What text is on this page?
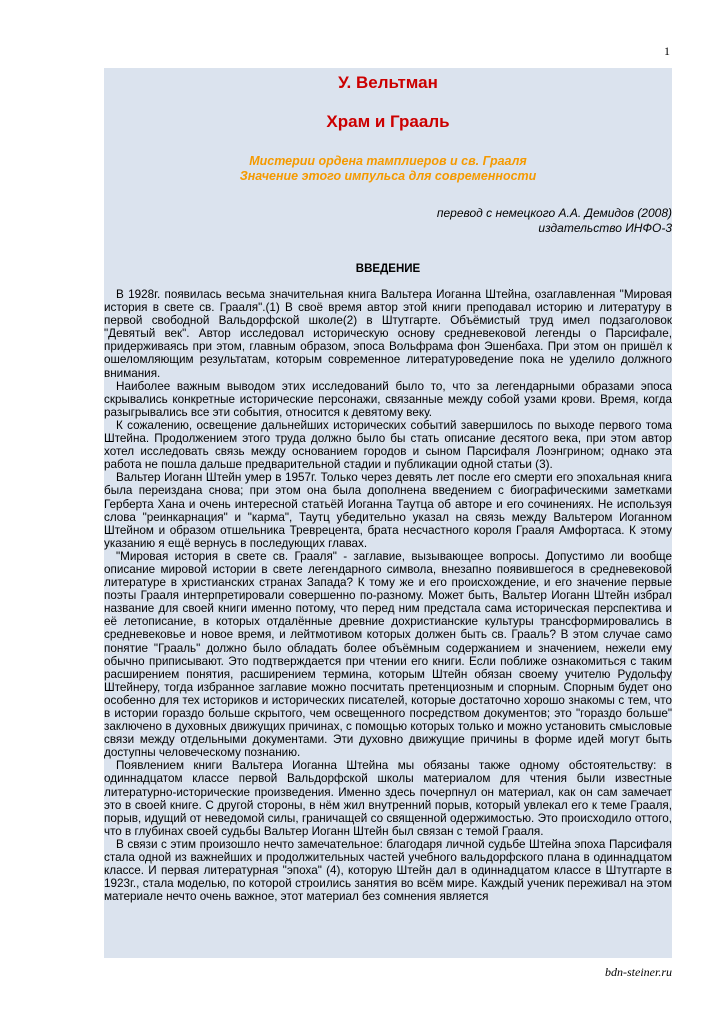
1
У. Вельтман
Храм и Грааль
Мистерии ордена тамплиеров и св. Грааля
Значение этого импульса для современности
перевод с немецкого А.А. Демидов (2008)
издательство ИНФО-3
ВВЕДЕНИЕ

В 1928г. появилась весьма значительная книга Вальтера Иоганна Штейна, озаглавленная "Мировая история в свете св. Грааля".(1) В своё время автор этой книги преподавал историю и литературу в первой свободной Вальдорфской школе(2) в Штутгарте. Объёмистый труд имел подзаголовок "Девятый век". Автор исследовал историческую основу средневековой легенды о Парсифале, придерживаясь при этом, главным образом, эпоса Вольфрама фон Эшенбаха. При этом он пришёл к ошеломляющим результатам, которым современное литературоведение пока не уделило должного внимания.

Наиболее важным выводом этих исследований было то, что за легендарными образами эпоса скрывались конкретные исторические персонажи, связанные между собой узами крови. Время, когда разыгрывались все эти события, относится к девятому веку.

К сожалению, освещение дальнейших исторических событий завершилось по выходе первого тома Штейна. Продолжением этого труда должно было бы стать описание десятого века, при этом автор хотел исследовать связь между основанием городов и сыном Парсифаля Лоэнгрином; однако эта работа не пошла дальше предварительной стадии и публикации одной статьи (3).

Вальтер Иоганн Штейн умер в 1957г. Только через девять лет после его смерти его эпохальная книга была переиздана снова; при этом она была дополнена введением с биографическими заметками Герберта Хана и очень интересной статьёй Иоганна Таутца об авторе и его сочинениях. Не используя слова "реинкарнация" и "карма", Таутц убедительно указал на связь между Вальтером Иоганном Штейном и образом отшельника Треврецента, брата несчастного короля Грааля Амфортаса. К этому указанию я ещё вернусь в последующих главах.

"Мировая история в свете св. Грааля" - заглавие, вызывающее вопросы. Допустимо ли вообще описание мировой истории в свете легендарного символа, внезапно появившегося в средневековой литературе в христианских странах Запада? К тому же и его происхождение, и его значение первые поэты Грааля интерпретировали совершенно по-разному. Может быть, Вальтер Иоганн Штейн избрал название для своей книги именно потому, что перед ним предстала сама историческая перспектива и её летописание, в которых отдалённые древние дохристианские культуры трансформировались в средневековье и новое время, и лейтмотивом которых должен быть св. Грааль? В этом случае само понятие "Грааль" должно было обладать более объёмным содержанием и значением, нежели ему обычно приписывают. Это подтверждается при чтении его книги. Если поближе ознакомиться с таким расширением понятия, расширением термина, которым Штейн обязан своему учителю Рудольфу Штейнеру, тогда избранное заглавие можно посчитать претенциозным и спорным. Спорным будет оно особенно для тех историков и исторических писателей, которые достаточно хорошо знакомы с тем, что в истории гораздо больше скрытого, чем освещенного посредством документов; это "гораздо больше" заключено в духовных движущих причинах, с помощью которых только и можно установить смысловые связи между отдельными документами. Эти духовно движущие причины в форме идей могут быть доступны человеческому познанию.

Появлением книги Вальтера Иоганна Штейна мы обязаны также одному обстоятельству: в одиннадцатом классе первой Вальдорфской школы материалом для чтения были известные литературно-исторические произведения. Именно здесь почерпнул он материал, как он сам замечает это в своей книге. С другой стороны, в нём жил внутренний порыв, который увлекал его к теме Грааля, порыв, идущий от неведомой силы, граничащей со священной одержимостью. Это происходило оттого, что в глубинах своей судьбы Вальтер Иоганн Штейн был связан с темой Грааля.

В связи с этим произошло нечто замечательное: благодаря личной судьбе Штейна эпоха Парсифаля стала одной из важнейших и продолжительных частей учебного вальдорфского плана в одиннадцатом классе. И первая литературная "эпоха" (4), которую Штейн дал в одиннадцатом классе в Штутгарте в 1923г., стала моделью, по которой строились занятия во всём мире. Каждый ученик переживал на этом материале нечто очень важное, этот материал без сомнения является

bdn-steiner.ru
